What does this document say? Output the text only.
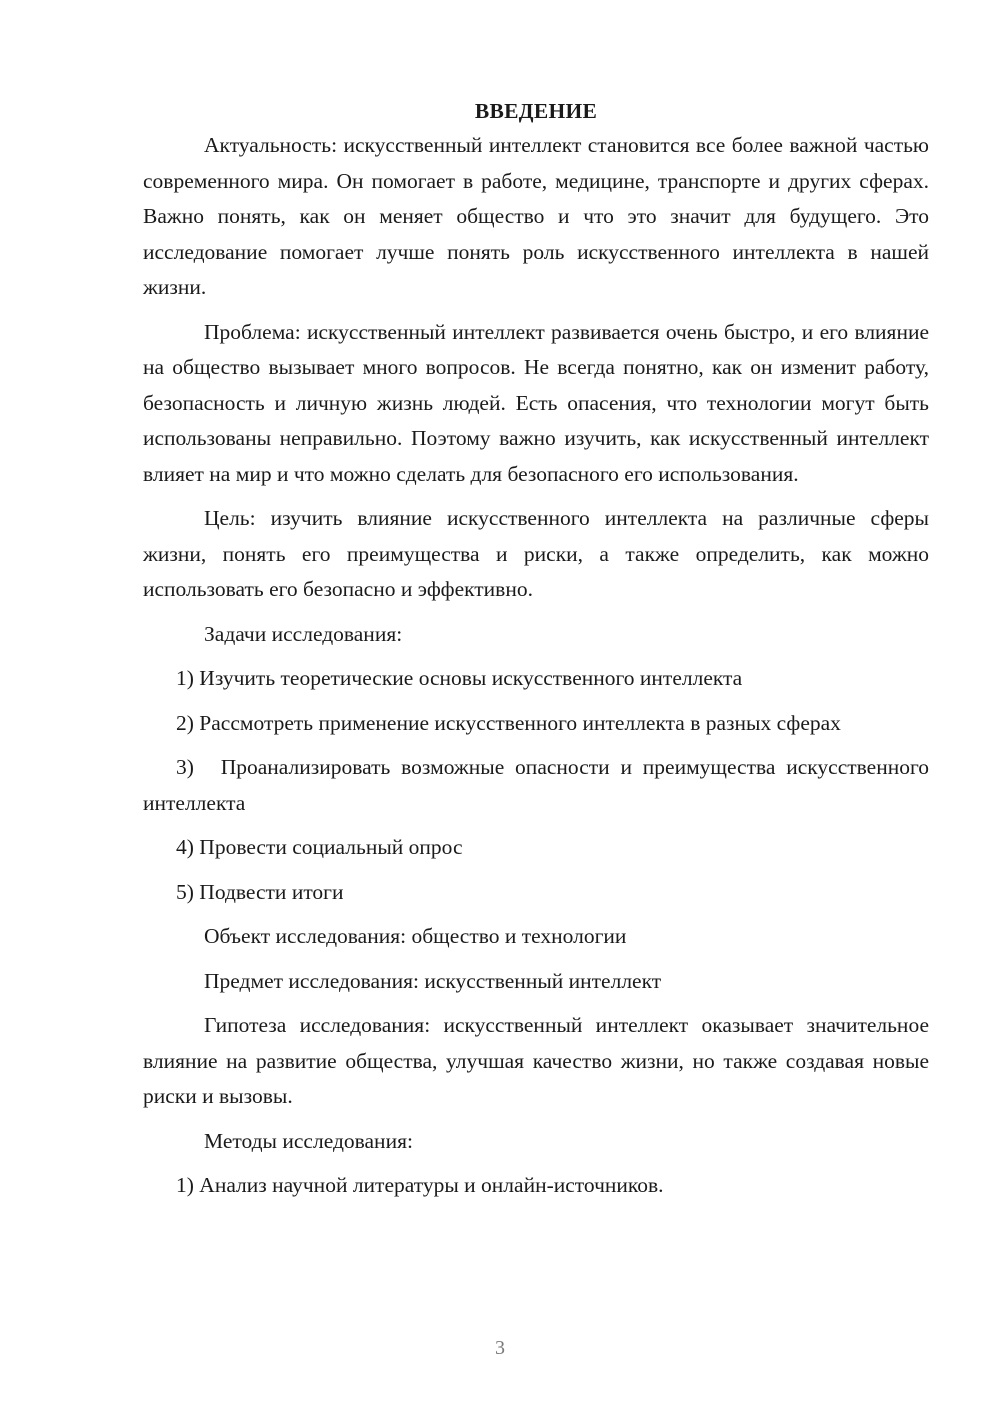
ВВЕДЕНИЕ

Актуальность: искусственный интеллект становится все более важной частью современного мира. Он помогает в работе, медицине, транспорте и других сферах. Важно понять, как он меняет общество и что это значит для будущего. Это исследование помогает лучше понять роль искусственного интеллекта в нашей жизни.

Проблема: искусственный интеллект развивается очень быстро, и его влияние на общество вызывает много вопросов. Не всегда понятно, как он изменит работу, безопасность и личную жизнь людей. Есть опасения, что технологии могут быть использованы неправильно. Поэтому важно изучить, как искусственный интеллект влияет на мир и что можно сделать для безопасного его использования.

Цель: изучить влияние искусственного интеллекта на различные сферы жизни, понять его преимущества и риски, а также определить, как можно использовать его безопасно и эффективно.

Задачи исследования:

1) Изучить теоретические основы искусственного интеллекта

2) Рассмотреть применение искусственного интеллекта в разных сферах

3) Проанализировать возможные опасности и преимущества искусственного интеллекта

4) Провести социальный опрос

5) Подвести итоги

Объект исследования: общество и технологии

Предмет исследования: искусственный интеллект

Гипотеза исследования: искусственный интеллект оказывает значительное влияние на развитие общества, улучшая качество жизни, но также создавая новые риски и вызовы.

Методы исследования:

1) Анализ научной литературы и онлайн-источников.

3
